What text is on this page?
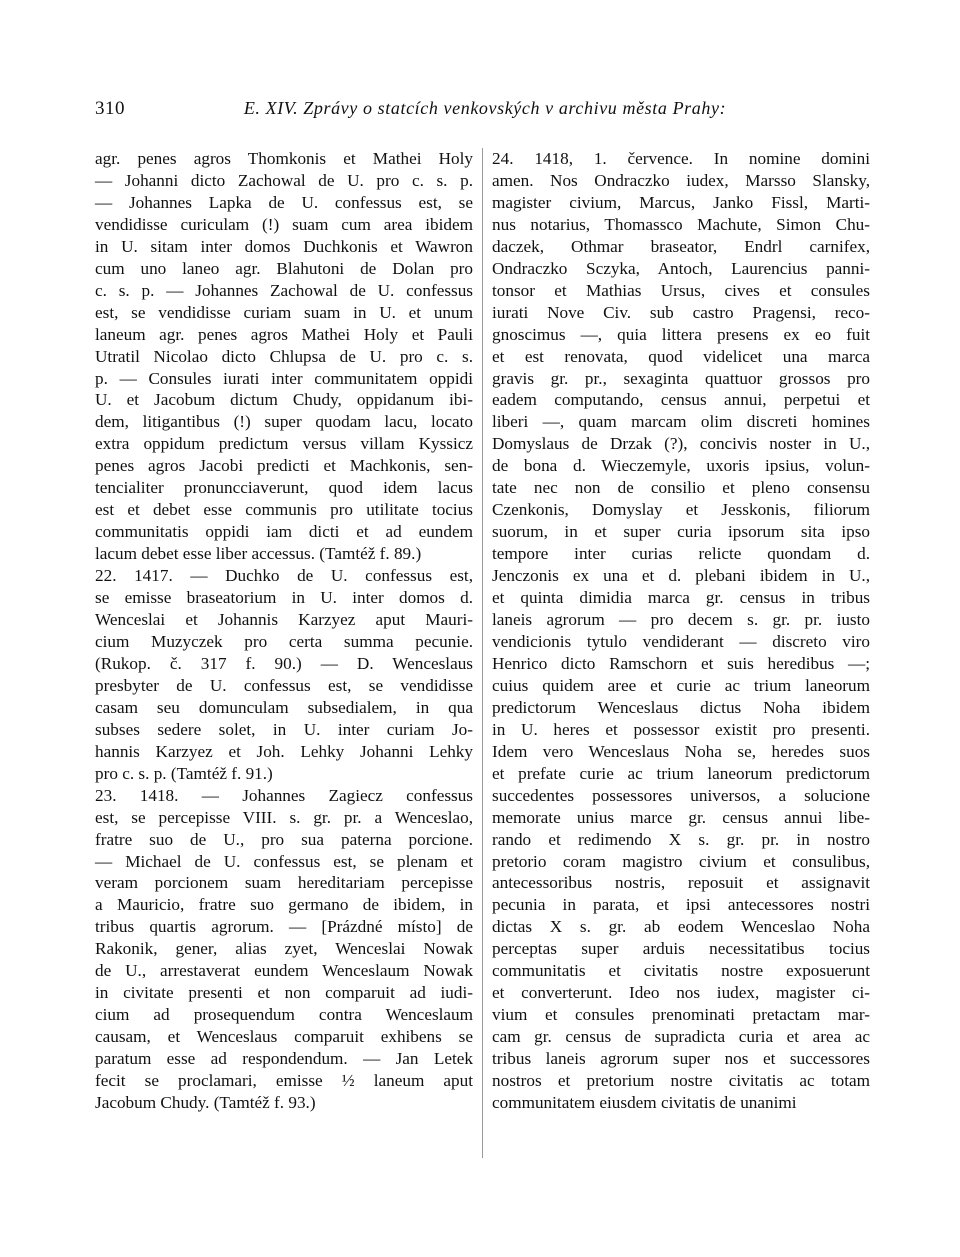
310	E. XIV. Zprávy o statcích venkovských v archivu města Prahy:
agr. penes agros Thomkonis et Mathei Holy
— Johanni dicto Zachowal de U. pro c. s. p.
— Johannes Lapka de U. confessus est, se
vendidisse curiculam (!) suam cum area ibidem
in U. sitam inter domos Duchkonis et Wawron
cum uno laneo agr. Blahutoni de Dolan pro
c. s. p. — Johannes Zachowal de U. confessus
est, se vendidisse curiam suam in U. et unum
laneum agr. penes agros Mathei Holy et Pauli
Utratil Nicolao dicto Chlupsa de U. pro c. s.
p. — Consules iurati inter communitatem oppidi
U. et Jacobum dictum Chudy, oppidanum ibi-
dem, litigantibus (!) super quodam lacu, locato
extra oppidum predictum versus villam Kyssicz
penes agros Jacobi predicti et Machkonis, sen-
tencialiter pronuncciaverunt, quod idem lacus
est et debet esse communis pro utilitate tocius
communitatis oppidi iam dicti et ad eundem
lacum debet esse liber accessus. (Tamtéž f. 89.)
22. 1417. — Duchko de U. confessus est,
se emisse braseatorium in U. inter domos d.
Wenceslai et Johannis Karzyez aput Mauri-
cium Muzyczek pro certa summa pecunie.
(Rukop. č. 317 f. 90.) — D. Wenceslaus
presbyter de U. confessus est, se vendidisse
casam seu domunculam subsedialem, in qua
subses sedere solet, in U. inter curiam Jo-
hannis Karzyez et Joh. Lehky Johanni Lehky
pro c. s. p. (Tamtéž f. 91.)
23. 1418. — Johannes Zagiecz confessus
est, se percepisse VIII. s. gr. pr. a Wenceslao,
fratre suo de U., pro sua paterna porcione.
— Michael de U. confessus est, se plenam et
veram porcionem suam hereditariam percepisse
a Mauricio, fratre suo germano de ibidem, in
tribus quartis agrorum. — [Prázdné místo] de
Rakonik, gener, alias zyet, Wenceslai Nowak
de U., arrestaverat eundem Wenceslaum Nowak
in civitate presenti et non comparuit ad iudi-
cium ad prosequendum contra Wenceslaum
causam, et Wenceslaus comparuit exhibens se
paratum esse ad respondendum. — Jan Letek
fecit se proclamari, emisse ½ laneum aput
Jacobum Chudy. (Tamtéž f. 93.)
24. 1418, 1. července. In nomine domini
amen. Nos Ondraczko iudex, Marsso Slansky,
magister civium, Marcus, Janko Fissl, Marti-
nus notarius, Thomassco Machute, Simon Chu-
daczek, Othmar braseator, Endrl carnifex,
Ondraczko Sczyka, Antoch, Laurencius panni-
tonsor et Mathias Ursus, cives et consules
iurati Nove Civ. sub castro Pragensi, reco-
gnoscimus —, quia littera presens ex eo fuit
et est renovata, quod videlicet una marca
gravis gr. pr., sexaginta quattuor grossos pro
eadem computando, census annui, perpetui et
liberi —, quam marcam olim discreti homines
Domyslaus de Drzak (?), concivis noster in U.,
de bona d. Wieczemyle, uxoris ipsius, volun-
tate nec non de consilio et pleno consensu
Czenkonis, Domyslay et Jesskonis, filiorum
suorum, in et super curia ipsorum sita ipso
tempore inter curias relicte quondam d.
Jenczonis ex una et d. plebani ibidem in U.,
et quinta dimidia marca gr. census in tribus
laneis agrorum — pro decem s. gr. pr. iusto
vendicionis tytulo vendiderant — discreto viro
Henrico dicto Ramschorn et suis heredibus —;
cuius quidem aree et curie ac trium laneorum
predictorum Wenceslaus dictus Noha ibidem
in U. heres et possessor existit pro presenti.
Idem vero Wenceslaus Noha se, heredes suos
et prefate curie ac trium laneorum predictorum
succedentes possessores universos, a solucione
memorate unius marce gr. census annui libe-
rando et redimendo X s. gr. pr. in nostro
pretorio coram magistro civium et consulibus,
antecessoribus nostris, reposuit et assignavit
pecunia in parata, et ipsi antecessores nostri
dictas X s. gr. ab eodem Wenceslao Noha
perceptas super arduis necessitatibus tocius
communitatis et civitatis nostre exposuerunt
et converterunt. Ideo nos iudex, magister ci-
vium et consules prenominati pretactam mar-
cam gr. census de supradicta curia et area ac
tribus laneis agrorum super nos et successores
nostros et pretorium nostre civitatis ac totam
communitatem eiusdem civitatis de unanimi
